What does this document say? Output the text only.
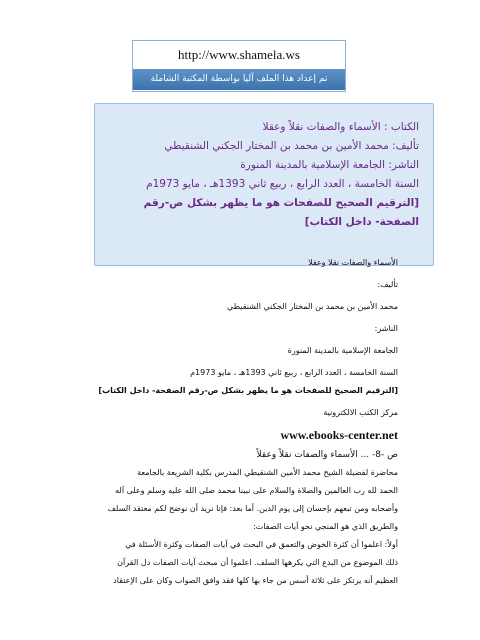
http://www.shamela.ws
تم إعداد هذا الملف آليا بواسطة المكتبة الشاملة
الكتاب : الأسماء والصفات نقلاً وعقلا
تأليف: محمد الأمين بن محمد بن المختار الجكني الشنقيطي
الناشر: الجامعة الإسلامية بالمدينة المنورة
السنة الخامسة ، العدد الرابع ، ربيع ثاني 1393هـ ، مايو 1973م
[الترقيم الصحيح للصفحات هو ما يظهر بشكل ص-رقم الصفحة- داخل الكتاب]
الأسماء والصفات نقلا وعقلا
تأليف:
محمد الأمين بن محمد بن المختار الجكني الشنقيطي
الناشر:
الجامعة الإسلامية بالمدينة المنورة
السنة الخامسة ، العدد الرابع ، ربيع ثاني 1393هـ ، مايو 1973م
[الترقيم الصحيح للصفحات هو ما يظهر بشكل ص-رقم الصفحة- داخل الكتاب]
مركز الكتب الالكترونية
www.ebooks-center.net
ص -8- ... الأسماء والصفات نقلاً وعقلاً
محاضرة لفضيلة الشيخ محمد الأمين الشنقيطي المدرس بكلية الشريعة بالجامعة
الحمد لله رب العالمين والصلاة والسلام على نبينا محمد صلى الله عليه وسلم وعلى آله
وأصحابه ومن تبعهم بإحسان إلى يوم الدين. أما بعد: فإنا نريد أن نوضح لكم معتقد السلف
والطريق الذي هو المنجي نحو آيات الصفات:
أولاً: اعلموا أن كثرة الخوض والتعمق في البحث في آيات الصفات وكثرة الأسئلة في
ذلك الموضوع من البدع التي يكرهها السلف. اعلموا أن مبحث آيات الصفات دل القرآن
العظيم أنه يرتكز على ثلاثة أسس من جاء بها كلها فقد وافق الصواب وكان على الإعتقاد
